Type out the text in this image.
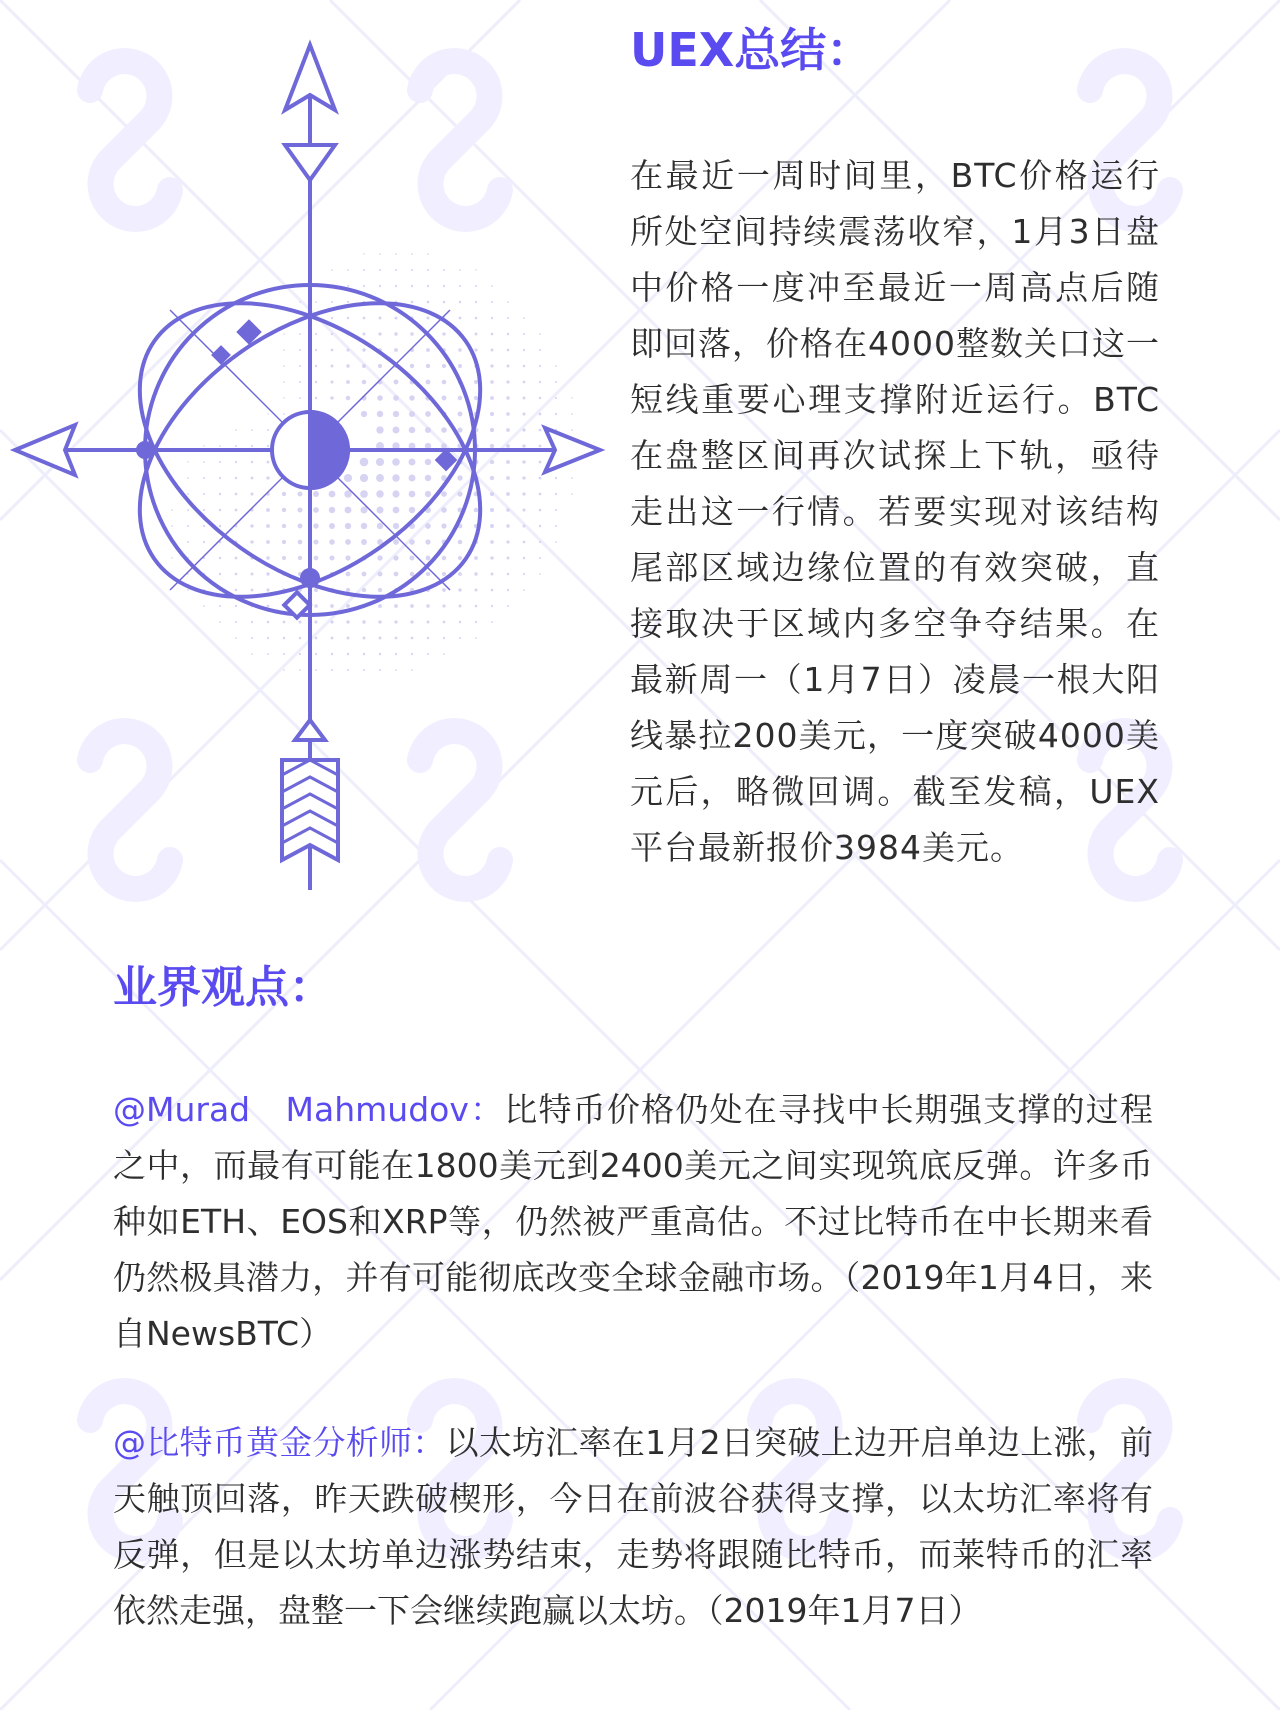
UEX总结：

在最近一周时间里，BTC价格运行所处空间持续震荡收窄，1月3日盘中价格一度冲至最近一周高点后随即回落，价格在4000整数关口这一短线重要心理支撑附近运行。BTC在盘整区间再次试探上下轨，亟待走出这一行情。若要实现对该结构尾部区域边缘位置的有效突破，直接取决于区域内多空争夺结果。在最新周一（1月7日）凌晨一根大阳线暴拉200美元，一度突破4000美元后，略微回调。截至发稿，UEX平台最新报价3984美元。

业界观点：

@Murad　Mahmudov：比特币价格仍处在寻找中长期强支撑的过程之中，而最有可能在1800美元到2400美元之间实现筑底反弹。许多币种如ETH、EOS和XRP等，仍然被严重高估。不过比特币在中长期来看仍然极具潜力，并有可能彻底改变全球金融市场。（2019年1月4日，来自NewsBTC）

@比特币黄金分析师：以太坊汇率在1月2日突破上边开启单边上涨，前天触顶回落，昨天跌破楔形，今日在前波谷获得支撑，以太坊汇率将有反弹，但是以太坊单边涨势结束，走势将跟随比特币，而莱特币的汇率依然走强，盘整一下会继续跑赢以太坊。（2019年1月7日）
